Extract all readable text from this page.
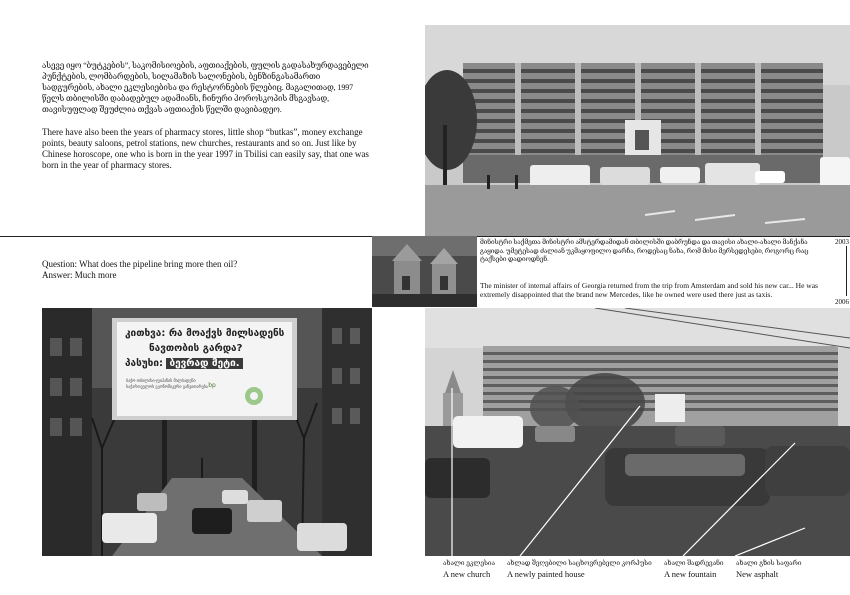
ასევე იყო “ბუტკების”, საკომისიოების, აფთიაქების, ფულის გადასახურდავებელი პუნქტების, ლომბარდების, სილამაზის სალონების, ბენზინგასამართი სადგურების, ახალი ეკლესიებისა და რესტორნების წლებიც. მაგალითად, 1997 წელს თბილისში დაბადებულ ადამიანს, ჩინური ჰოროსკოპის მსგავსად, თავისუფლად შეუძლია თქვას აფთიაქის წელში დავიბადეო.
There have also been the years of pharmacy stores, little shop “butkas”, money exchange points, beauty saloons, petrol stations, new churches, restaurants and so on. Just like by Chinese horoscope, one who is born in the year 1997 in Tbilisi can easily say, that one was born in the year of pharmacy stores.
Question: What does the pipeline bring more then oil?
Answer: Much more
2003
2006
მინისტრი საქმეთა მინისტრი ამსტერდამიდან თბილისში დაბრუნდა და თავისი ახალი-ახალი მანქანა გაყიდა. უმეტესად ძალიან უკმაყოფილო დარჩა, როდესაც ნახა, რომ მისი მერსედესები, როგორც რაც ტაქსები დადიოდნენ.
The minister of internal affairs of Georgia returned from the trip from Amsterdam and sold his new car... He was extremely disappointed that the brand new Mercedes, like he owned were used there just as taxis.
კითხვა: რა მოაქვს მილსადენს
ნავთობის გარდა?
პასუხი: ბევრად მეტი.
ბაქო-თბილისი-ჯეიჰანის მილსადენი
საქართველოს ეკონომიკური განვითარება bp
ახალი ეკლესია
A new church
ახლად შეღებილი საცხოვრებელი კორპუსი
A newly painted house
ახალი შადრევანი
A new fountain
ახალი გზის საფარი
New asphalt
